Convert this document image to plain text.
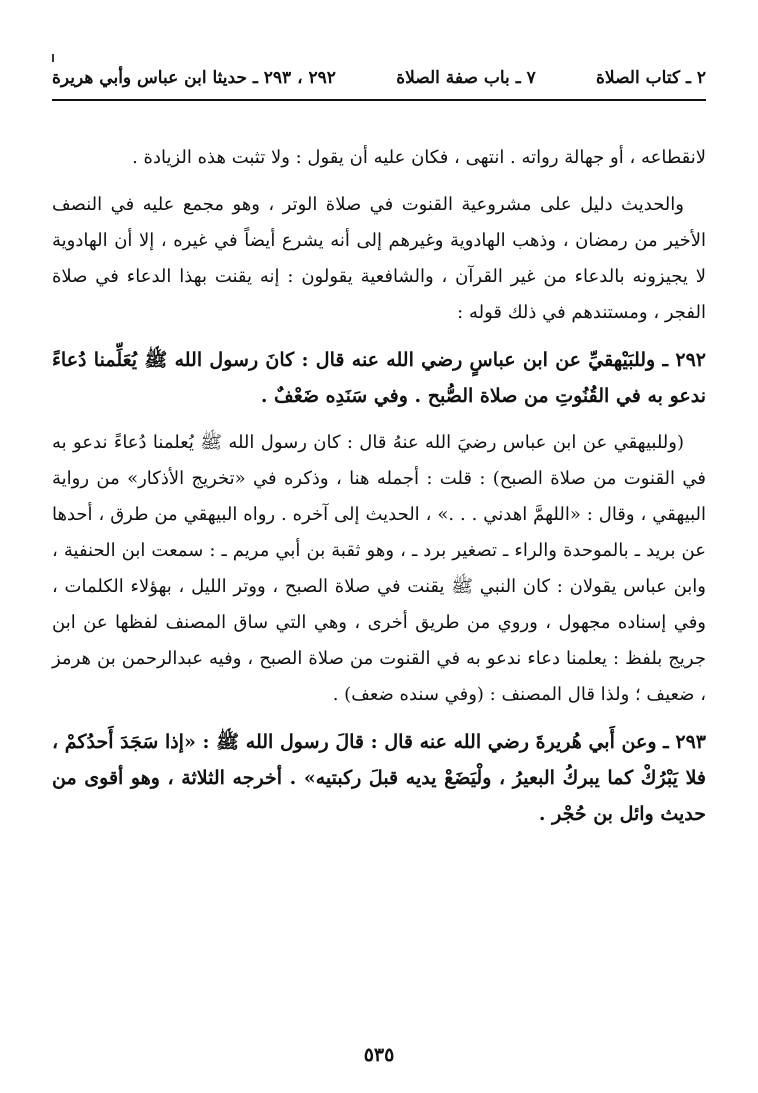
٢ ـ كتاب الصلاة
٧ ـ باب صفة الصلاة
٢٩٢ ، ٢٩٣ ـ حديثا ابن عباس وأبي هريرة

لانقطاعه ، أو جهالة رواته . انتهى ، فكان عليه أن يقول : ولا تثبت هذه الزيادة .

والحديث دليل على مشروعية القنوت في صلاة الوتر ، وهو مجمع عليه في النصف الأخير من رمضان ، وذهب الهادوية وغيرهم إلى أنه يشرع أيضاً في غيره ، إلا أن الهادوية لا يجيزونه بالدعاء من غير القرآن ، والشافعية يقولون : إنه يقنت بهذا الدعاء في صلاة الفجر ، ومستندهم في ذلك قوله :

٢٩٢ ـ وللبَيْهقيِّ عن ابن عباسٍ رضي الله عنه قال : كانَ رسول الله ﷺ يُعَلِّمنا دُعاءً ندعو به في القُنُوتِ من صلاة الصُّبح . وفي سَنَدِه ضَعْفٌ .

(وللبيهقي عن ابن عباس رضيَ الله عنهُ قال : كان رسول الله ﷺ يُعلمنا دُعاءً ندعو به في القنوت من صلاة الصبح) : قلت : أجمله هنا ، وذكره في «تخريج الأذكار» من رواية البيهقي ، وقال : «اللهمَّ اهدني . . .» ، الحديث إلى آخره . رواه البيهقي من طرق ، أحدها عن بريد ـ بالموحدة والراء ـ تصغير برد ـ ، وهو ثقبة بن أبي مريم ـ : سمعت ابن الحنفية ، وابن عباس يقولان : كان النبي ﷺ يقنت في صلاة الصبح ، ووتر الليل ، بهؤلاء الكلمات ، وفي إسناده مجهول ، وروي من طريق أخرى ، وهي التي ساق المصنف لفظها عن ابن جريج بلفظ : يعلمنا دعاء ندعو به في القنوت من صلاة الصبح ، وفيه عبدالرحمن بن هرمز ، ضعيف ؛ ولذا قال المصنف : (وفي سنده ضعف) .

٢٩٣ ـ وعن أَبي هُريرةَ رضي الله عنه قال : قالَ رسول الله ﷺ : «إذا سَجَدَ أَحدُكمْ ، فلا يَبْرُكْ كما يبركُ البعيرُ ، ولْيَضَعْ يديه قبلَ ركبتيه» . أخرجه الثلاثة ، وهو أقوى من حديث وائل بن حُجْر .

٥٣٥
